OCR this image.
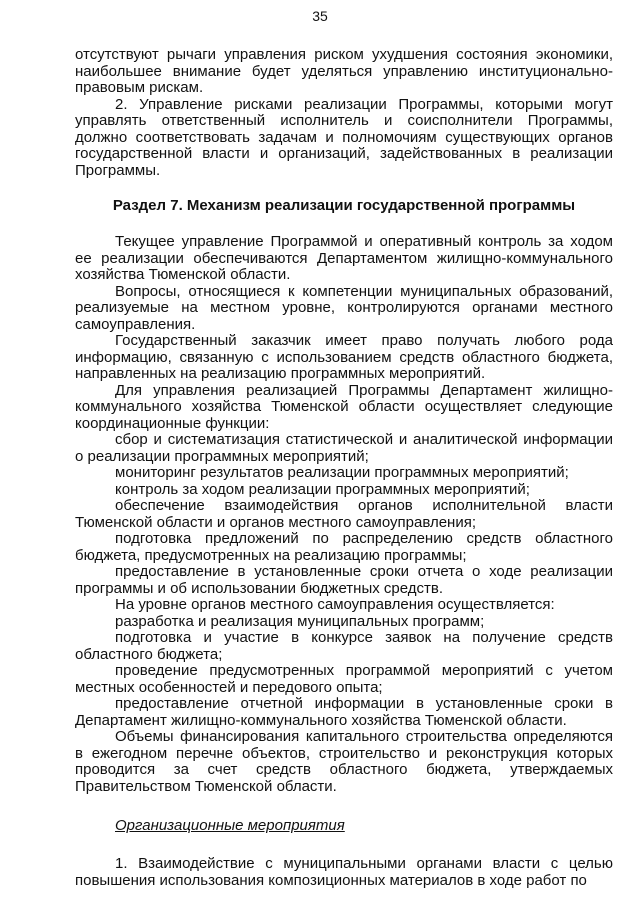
35

отсутствуют рычаги управления риском ухудшения состояния экономики, наибольшее внимание будет уделяться управлению институционально-правовым рискам.

2. Управление рисками реализации Программы, которыми могут управлять ответственный исполнитель и соисполнители Программы, должно соответствовать задачам и полномочиям существующих органов государственной власти и организаций, задействованных в реализации Программы.

Раздел 7. Механизм реализации государственной программы

Текущее управление Программой и оперативный контроль за ходом ее реализации обеспечиваются Департаментом жилищно-коммунального хозяйства Тюменской области.

Вопросы, относящиеся к компетенции муниципальных образований, реализуемые на местном уровне, контролируются органами местного самоуправления.

Государственный заказчик имеет право получать любого рода информацию, связанную с использованием средств областного бюджета, направленных на реализацию программных мероприятий.

Для управления реализацией Программы Департамент жилищно-коммунального хозяйства Тюменской области осуществляет следующие координационные функции:

сбор и систематизация статистической и аналитической информации о реализации программных мероприятий;

мониторинг результатов реализации программных мероприятий;

контроль за ходом реализации программных мероприятий;

обеспечение взаимодействия органов исполнительной власти Тюменской области и органов местного самоуправления;

подготовка предложений по распределению средств областного бюджета, предусмотренных на реализацию программы;

предоставление в установленные сроки отчета о ходе реализации программы и об использовании бюджетных средств.

На уровне органов местного самоуправления осуществляется:

разработка и реализация муниципальных программ;

подготовка и участие в конкурсе заявок на получение средств областного бюджета;

проведение предусмотренных программой мероприятий с учетом местных особенностей и передового опыта;

предоставление отчетной информации в установленные сроки в Департамент жилищно-коммунального хозяйства Тюменской области.

Объемы финансирования капитального строительства определяются в ежегодном перечне объектов, строительство и реконструкция которых проводится за счет средств областного бюджета, утверждаемых Правительством Тюменской области.

Организационные мероприятия

1. Взаимодействие с муниципальными органами власти с целью повышения использования композиционных материалов в ходе работ по
